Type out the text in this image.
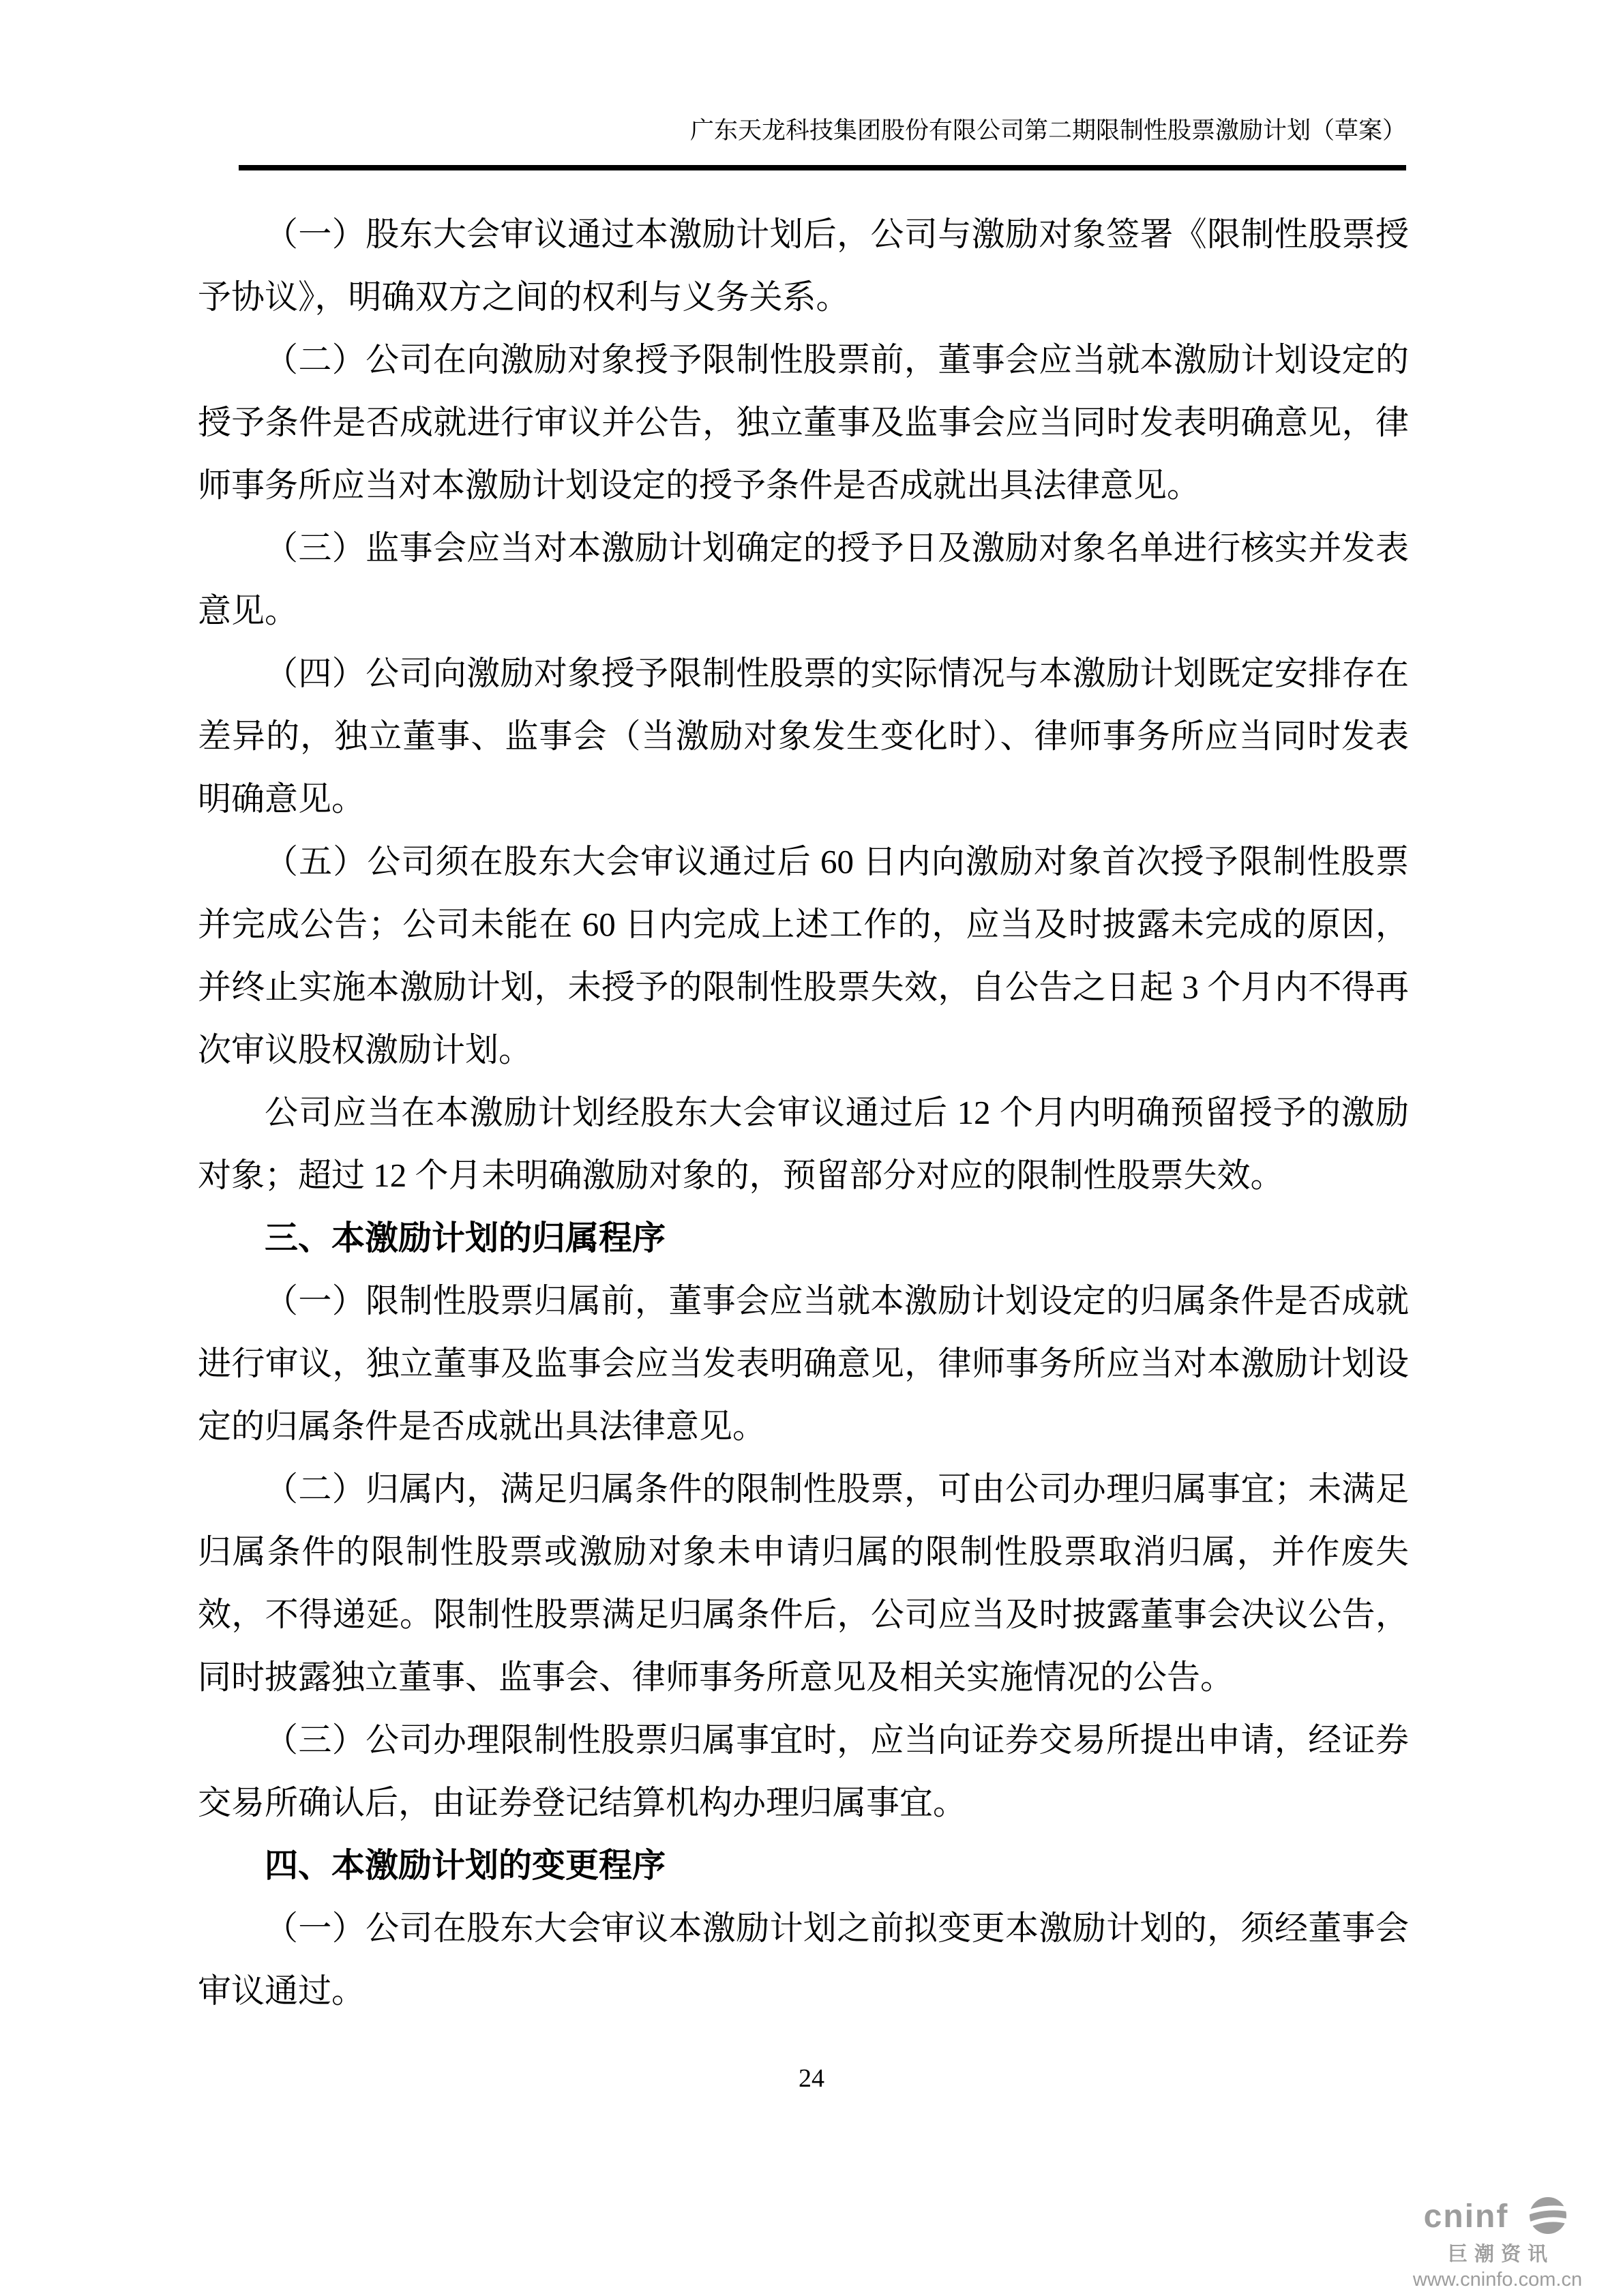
广东天龙科技集团股份有限公司第二期限制性股票激励计划（草案）

（一）股东大会审议通过本激励计划后，公司与激励对象签署《限制性股票授予协议》，明确双方之间的权利与义务关系。

（二）公司在向激励对象授予限制性股票前，董事会应当就本激励计划设定的授予条件是否成就进行审议并公告，独立董事及监事会应当同时发表明确意见，律师事务所应当对本激励计划设定的授予条件是否成就出具法律意见。

（三）监事会应当对本激励计划确定的授予日及激励对象名单进行核实并发表意见。

（四）公司向激励对象授予限制性股票的实际情况与本激励计划既定安排存在差异的，独立董事、监事会（当激励对象发生变化时）、律师事务所应当同时发表明确意见。

（五）公司须在股东大会审议通过后 60 日内向激励对象首次授予限制性股票并完成公告；公司未能在 60 日内完成上述工作的，应当及时披露未完成的原因，并终止实施本激励计划，未授予的限制性股票失效，自公告之日起 3 个月内不得再次审议股权激励计划。

公司应当在本激励计划经股东大会审议通过后 12 个月内明确预留授予的激励对象；超过 12 个月未明确激励对象的，预留部分对应的限制性股票失效。

三、本激励计划的归属程序

（一）限制性股票归属前，董事会应当就本激励计划设定的归属条件是否成就进行审议，独立董事及监事会应当发表明确意见，律师事务所应当对本激励计划设定的归属条件是否成就出具法律意见。

（二）归属内，满足归属条件的限制性股票，可由公司办理归属事宜；未满足归属条件的限制性股票或激励对象未申请归属的限制性股票取消归属，并作废失效，不得递延。限制性股票满足归属条件后，公司应当及时披露董事会决议公告，同时披露独立董事、监事会、律师事务所意见及相关实施情况的公告。

（三）公司办理限制性股票归属事宜时，应当向证券交易所提出申请，经证券交易所确认后，由证券登记结算机构办理归属事宜。

四、本激励计划的变更程序

（一）公司在股东大会审议本激励计划之前拟变更本激励计划的，须经董事会审议通过。

24
cninf
巨潮资讯
www.cninfo.com.cn
